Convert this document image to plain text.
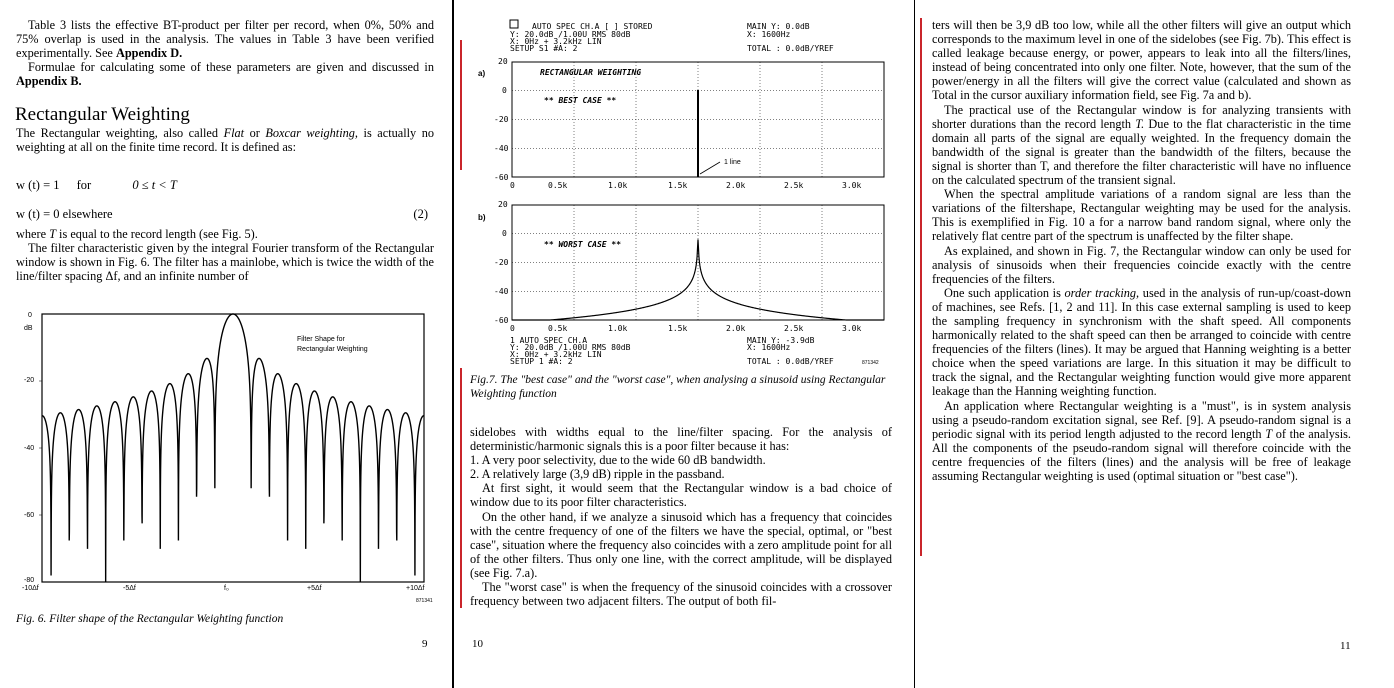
Table 3 lists the effective BT-product per filter per record, when 0%, 50% and 75% overlap is used in the analysis. The values in Table 3 have been verified experimentally. See Appendix D.

Formulae for calculating some of these parameters are given and discussed in Appendix B.

Rectangular Weighting

The Rectangular weighting, also called Flat or Boxcar weighting, is actually no weighting at all on the finite time record. It is defined as:

w (t) = 1 for	0 ≤ t < T
w (t) = 0 elsewhere	(2)

where T is equal to the record length (see Fig. 5).

The filter characteristic given by the integral Fourier transform of the Rectangular window is shown in Fig. 6. The filter has a mainlobe, which is twice the width of the line/filter spacing Δf, and an infinite number of

0
dB
-20
-40
-60
-80
-10Δf	-5Δf	f₀	+5Δf	+10Δf
Filter Shape for
Rectangular Weighting
871341
Fig. 6. Filter shape of the Rectangular Weighting function
9
AUTO SPEC CH.A [ ] STORED
Y: 20.0dB /1.00U RMS 80dB
X: 0Hz + 3.2kHz LIN
SETUP S1 #A: 2
MAIN Y: 0.0dB
X: 1600Hz
TOTAL : 0.0dB/YREF
a)
20
0
-20
-40
-60
RECTANGULAR WEIGHTING
** BEST CASE **
1 line
0	0.5k	1.0k	1.5k	2.0k	2.5k	3.0k
b)
20
0
-20
-40
-60
** WORST CASE **
0	0.5k	1.0k	1.5k	2.0k	2.5k	3.0k
1 AUTO SPEC CH.A
Y: 20.0dB /1.00U RMS 80dB
X: 0Hz + 3.2kHz LIN
SETUP 1 #A: 2
MAIN Y: -3.9dB
X: 1600Hz
TOTAL : 0.0dB/YREF	871342
Fig.7. The "best case" and the "worst case", when analysing a sinusoid using Rectangular Weighting function

sidelobes with widths equal to the line/filter spacing. For the analysis of deterministic/harmonic signals this is a poor filter because it has:

1. A very poor selectivity, due to the wide 60 dB bandwidth.

2. A relatively large (3,9 dB) ripple in the passband.

At first sight, it would seem that the Rectangular window is a bad choice of window due to its poor filter characteristics.

On the other hand, if we analyze a sinusoid which has a frequency that coincides with the centre frequency of one of the filters we have the special, optimal, or "best case", situation where the frequency also coincides with a zero amplitude point for all of the other filters. Thus only one line, with the correct amplitude, will be displayed (see Fig. 7.a).

The "worst case" is when the frequency of the sinusoid coincides with a crossover frequency between two adjacent filters. The output of both fil-

10

ters will then be 3,9 dB too low, while all the other filters will give an output which corresponds to the maximum level in one of the sidelobes (see Fig. 7b). This effect is called leakage because energy, or power, appears to leak into all the filters/lines, instead of being concentrated into only one filter. Note, however, that the sum of the power/energy in all the filters will give the correct value (calculated and shown as Total in the cursor auxiliary information field, see Fig. 7a and b).

The practical use of the Rectangular window is for analyzing transients with shorter durations than the record length T. Due to the flat characteristic in the time domain all parts of the signal are equally weighted. In the frequency domain the bandwidth of the signal is greater than the bandwidth of the filters, because the signal is shorter than T, and therefore the filter characteristic will have no influence on the calculated spectrum of the transient signal.

When the spectral amplitude variations of a random signal are less than the variations of the filtershape, Rectangular weighting may be used for the analysis. This is exemplified in Fig. 10 a for a narrow band random signal, where only the relatively flat centre part of the spectrum is unaffected by the filter shape.

As explained, and shown in Fig. 7, the Rectangular window can only be used for analysis of sinusoids when their frequencies coincide exactly with the centre frequencies of the filters.

One such application is order tracking, used in the analysis of run-up/coast-down of machines, see Refs. [1, 2 and 11]. In this case external sampling is used to keep the sampling frequency in synchronism with the shaft speed. All components harmonically related to the shaft speed can then be arranged to coincide with centre frequencies of the filters (lines). It may be argued that Hanning weighting is a better choice when the speed variations are large. In this situation it may be difficult to track the signal, and the Rectangular weighting function would give more apparent leakage than the Hanning weighting function.

An application where Rectangular weighting is a "must", is in system analysis using a pseudo-random excitation signal, see Ref. [9]. A pseudo-random signal is a periodic signal with its period length adjusted to the record length T of the analysis. All the components of the pseudo-random signal will therefore coincide with the centre frequencies of the filters (lines) and the analysis will be free of leakage assuming Rectangular weighting is used (optimal situation or "best case").

11
